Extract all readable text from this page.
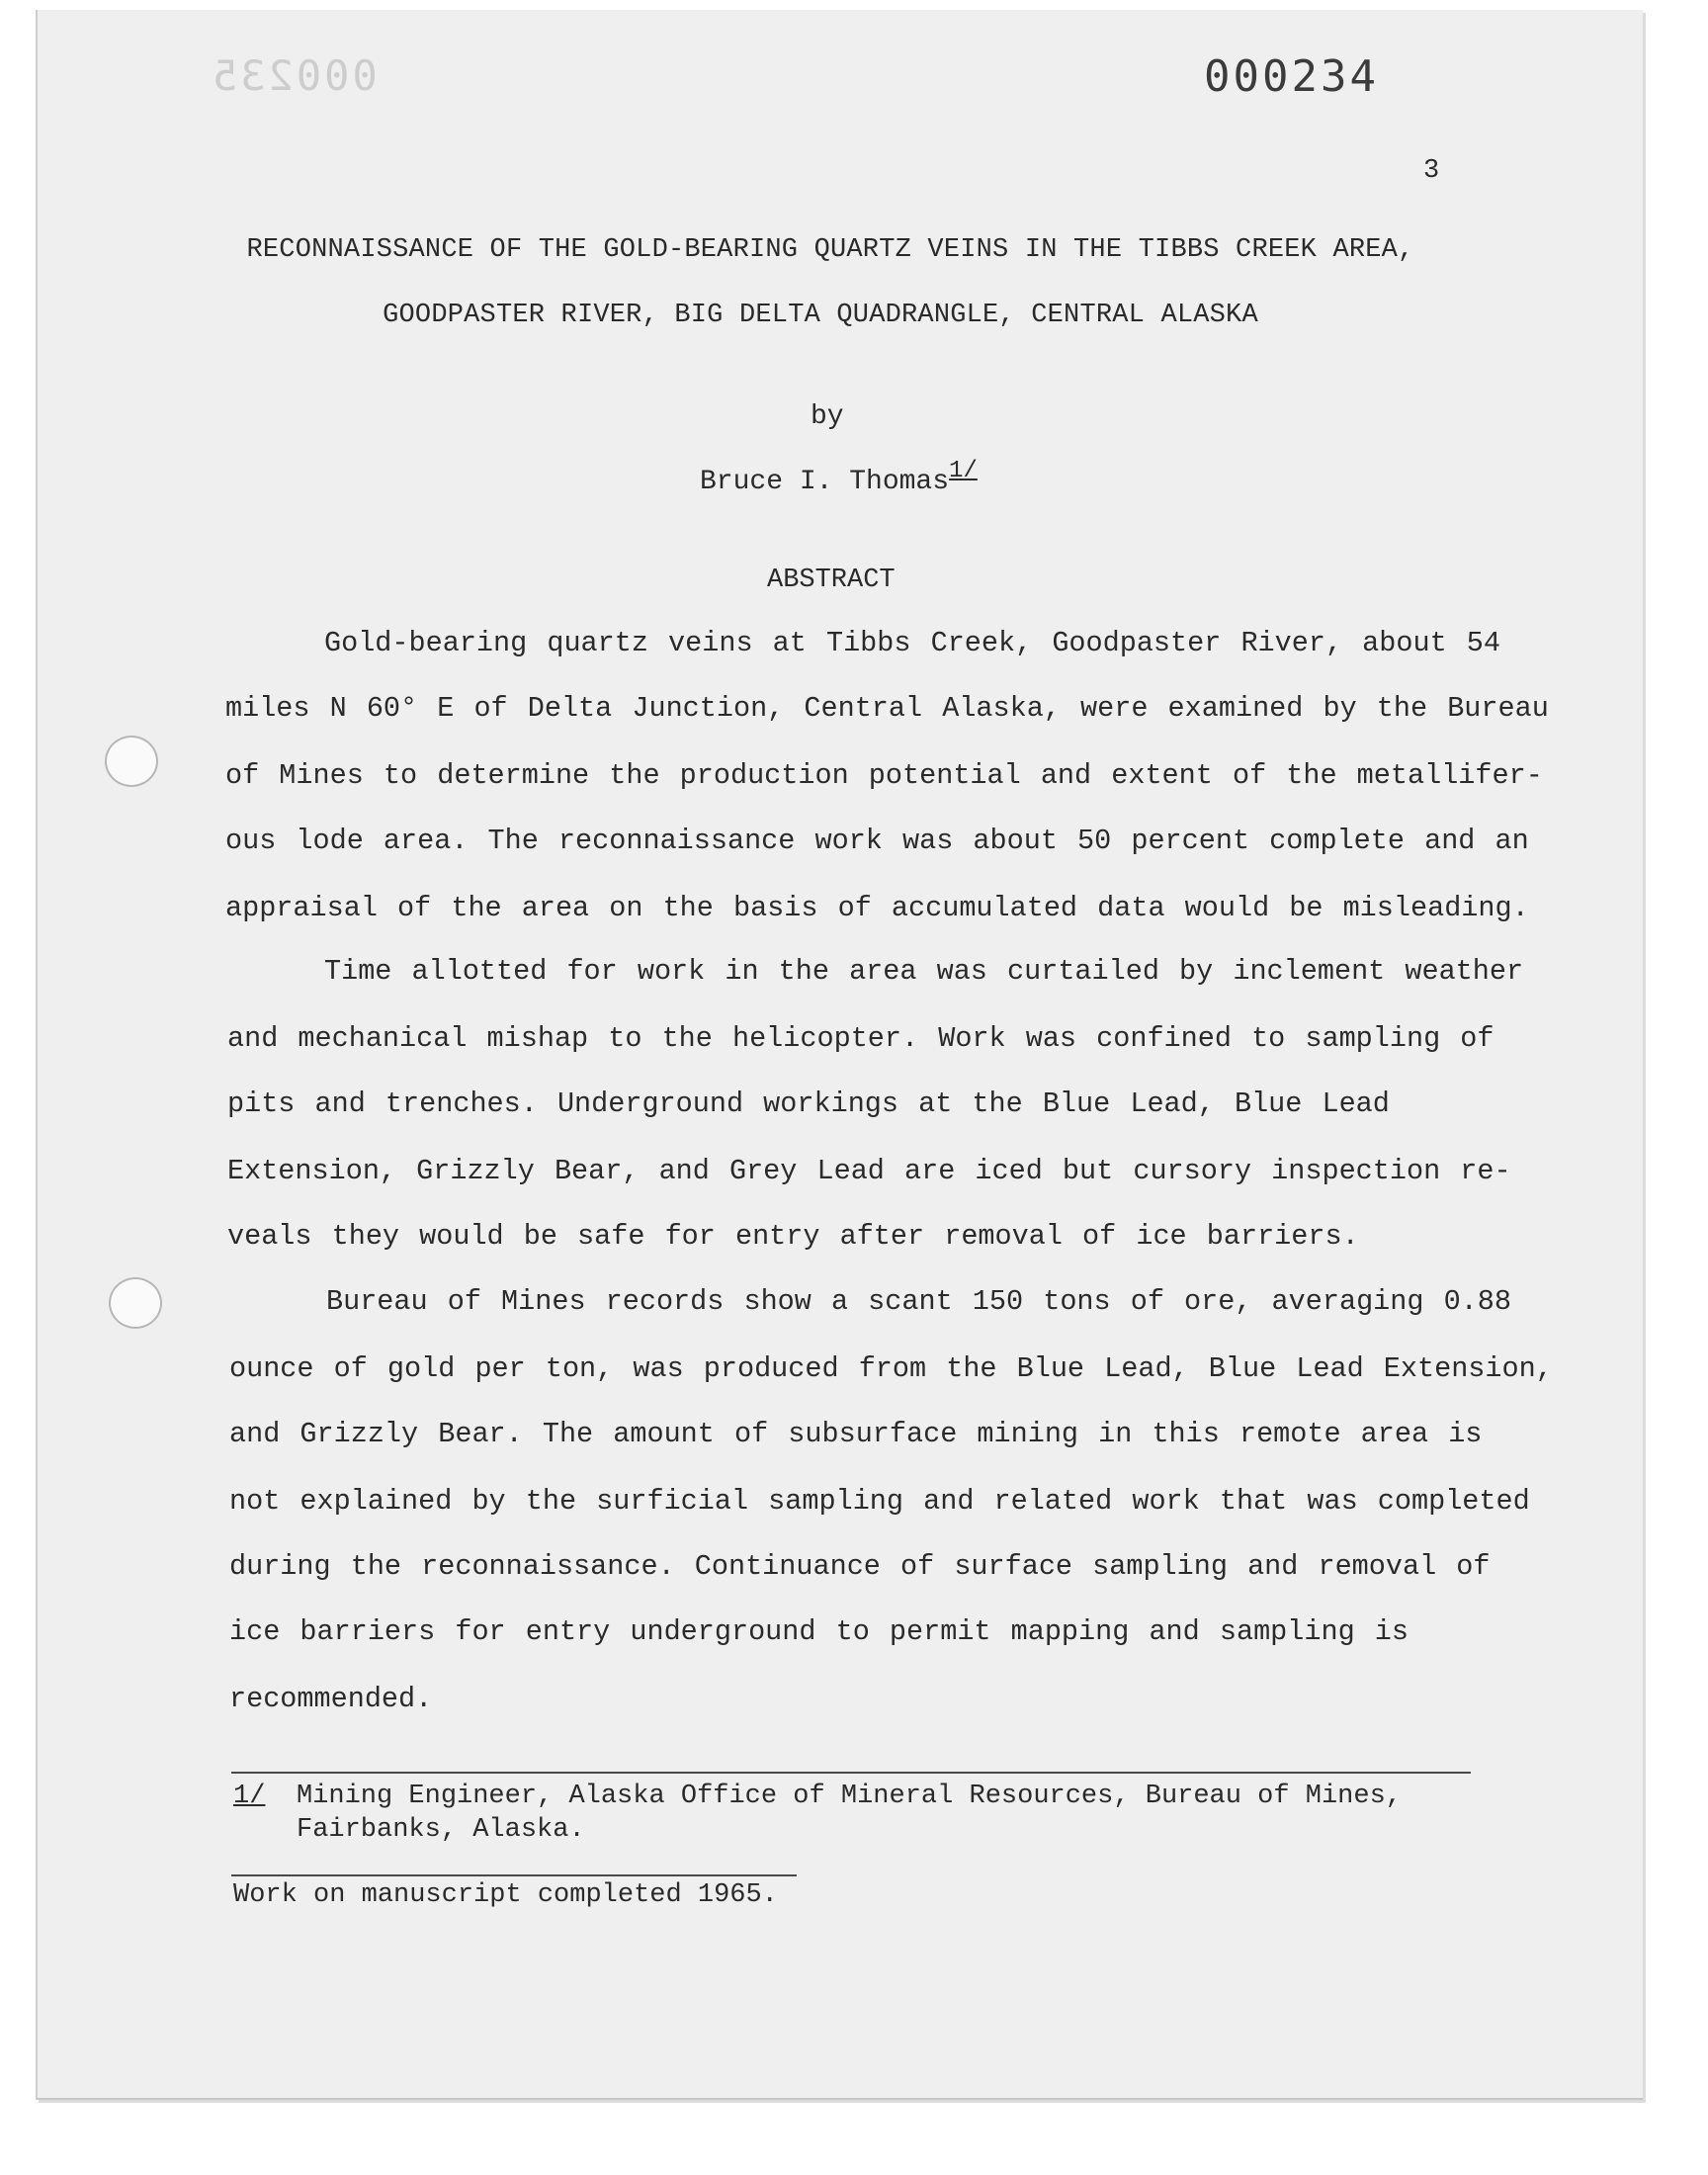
000235	000234
3
RECONNAISSANCE OF THE GOLD-BEARING QUARTZ VEINS IN THE TIBBS CREEK AREA,
GOODPASTER RIVER, BIG DELTA QUADRANGLE, CENTRAL ALASKA
by
Bruce I. Thomas1/
ABSTRACT
Gold-bearing quartz veins at Tibbs Creek, Goodpaster River, about 54
miles N 60° E of Delta Junction, Central Alaska, were examined by the Bureau
of Mines to determine the production potential and extent of the metallifer-
ous lode area. The reconnaissance work was about 50 percent complete and an
appraisal of the area on the basis of accumulated data would be misleading.
Time allotted for work in the area was curtailed by inclement weather
and mechanical mishap to the helicopter. Work was confined to sampling of
pits and trenches. Underground workings at the Blue Lead, Blue Lead
Extension, Grizzly Bear, and Grey Lead are iced but cursory inspection re-
veals they would be safe for entry after removal of ice barriers.
Bureau of Mines records show a scant 150 tons of ore, averaging 0.88
ounce of gold per ton, was produced from the Blue Lead, Blue Lead Extension,
and Grizzly Bear. The amount of subsurface mining in this remote area is
not explained by the surficial sampling and related work that was completed
during the reconnaissance. Continuance of surface sampling and removal of
ice barriers for entry underground to permit mapping and sampling is
recommended.
1/ Mining Engineer, Alaska Office of Mineral Resources, Bureau of Mines,
Fairbanks, Alaska.
Work on manuscript completed 1965.
